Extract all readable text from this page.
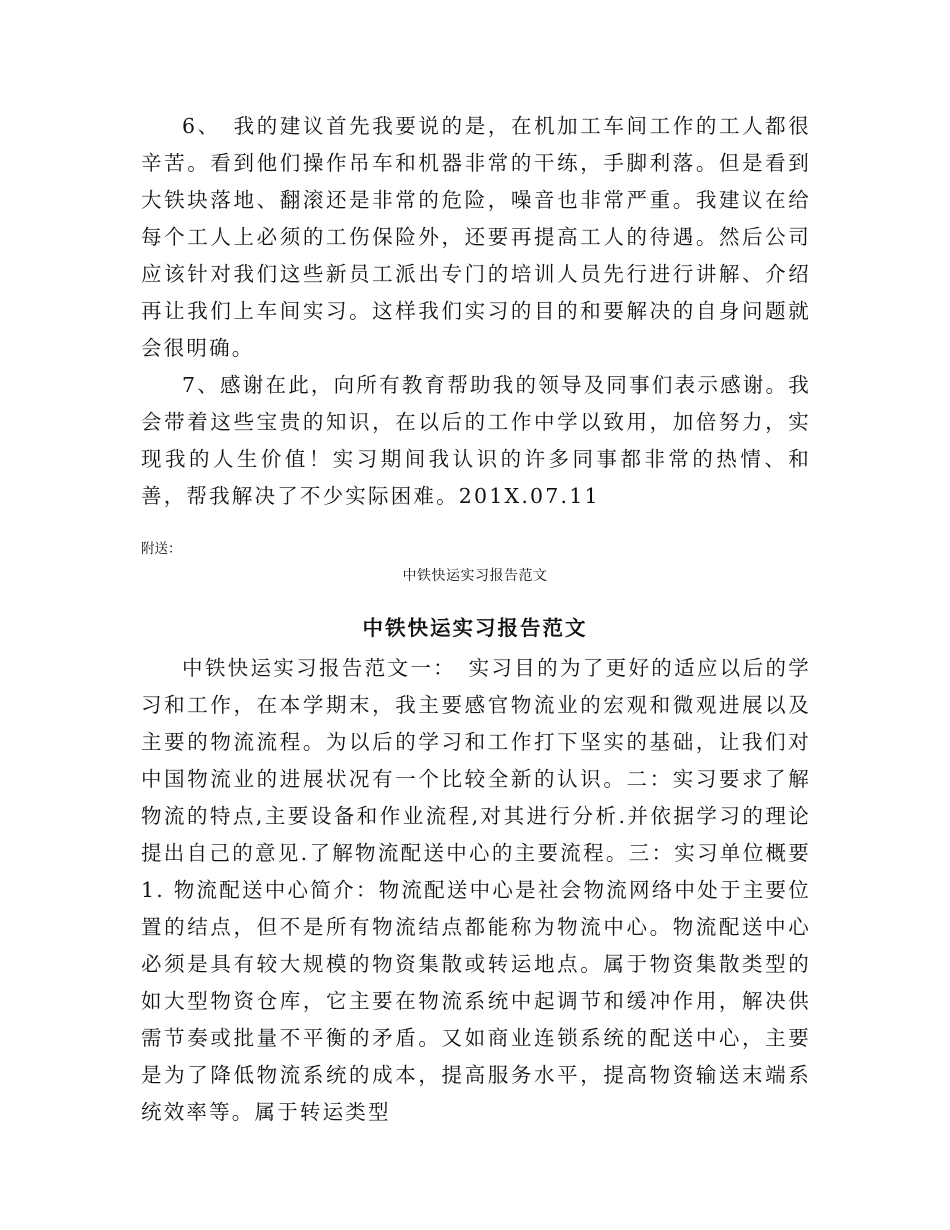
6、　我的建议首先我要说的是，在机加工车间工作的工人都很辛苦。看到他们操作吊车和机器非常的干练，手脚利落。但是看到大铁块落地、翻滚还是非常的危险，噪音也非常严重。我建议在给每个工人上必须的工伤保险外，还要再提高工人的待遇。然后公司应该针对我们这些新员工派出专门的培训人员先行进行讲解、介绍再让我们上车间实习。这样我们实习的目的和要解决的自身问题就会很明确。

7、感谢在此，向所有教育帮助我的领导及同事们表示感谢。我会带着这些宝贵的知识，在以后的工作中学以致用，加倍努力，实现我的人生价值！实习期间我认识的许多同事都非常的热情、和善，帮我解决了不少实际困难。201X.07.11

附送：

中铁快运实习报告范文

中铁快运实习报告范文

中铁快运实习报告范文一：　实习目的为了更好的适应以后的学习和工作，在本学期末，我主要感官物流业的宏观和微观进展以及主要的物流流程。为以后的学习和工作打下坚实的基础，让我们对中国物流业的进展状况有一个比较全新的认识。二：实习要求了解物流的特点,主要设备和作业流程,对其进行分析.并依据学习的理论提出自己的意见.了解物流配送中心的主要流程。三：实习单位概要1. 物流配送中心简介：物流配送中心是社会物流网络中处于主要位置的结点，但不是所有物流结点都能称为物流中心。物流配送中心必须是具有较大规模的物资集散或转运地点。属于物资集散类型的如大型物资仓库，它主要在物流系统中起调节和缓冲作用，解决供需节奏或批量不平衡的矛盾。又如商业连锁系统的配送中心，主要是为了降低物流系统的成本，提高服务水平，提高物资输送末端系统效率等。属于转运类型
